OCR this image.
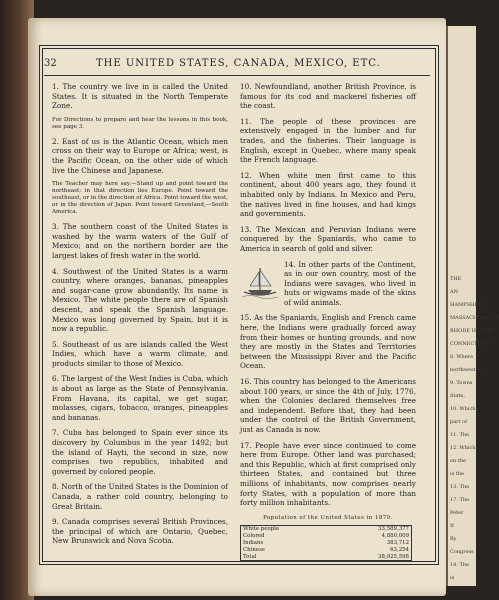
THE
AN
HAMPSHIRE
MASSACHUSETTS
RHODE ISLAND
CONNECTICUT
8. Where
northwest of
9. Towns
State,
10. Which
part of
11. The
12. Which
on the
is the
13. The
17. The
Peter
If
By
Congress
14. The
is
32	THE UNITED STATES, CANADA, MEXICO, ETC.

1. The country we live in is called the United States. It is situated in the North Temperate Zone.

For Directions to prepare and hear the lessons in this book, see page 3.

2. East of us is the Atlantic Ocean, which men cross on their way to Europe or Africa; west, is the Pacific Ocean, on the other side of which live the Chinese and Japanese.

The Teacher may here say.—Stand up and point toward the northeast; in that direction lies Europe. Point toward the southeast, or in the direction of Africa. Point toward the west, or in the direction of Japan. Point toward Greenland,—South America.

3. The southern coast of the United States is washed by the warm waters of the Gulf of Mexico; and on the northern border are the largest lakes of fresh water in the world.

4. Southwest of the United States is a warm country, where oranges, bananas, pineapples and sugar-cane grow abundantly. Its name is Mexico. The white people there are of Spanish descent, and speak the Spanish language. Mexico was long governed by Spain, but it is now a republic.

5. Southeast of us are islands called the West Indies, which have a warm climate, and products similar to those of Mexico.

6. The largest of the West Indies is Cuba, which is about as large as the State of Pennsylvania. From Havana, its capital, we get sugar, molasses, cigars, tobacco, oranges, pineapples and bananas.

7. Cuba has belonged to Spain ever since its discovery by Columbus in the year 1492; but the island of Hayti, the second in size, now comprises two republics, inhabited and governed by colored people.

8. North of the United States is the Dominion of Canada, a rather cold country, belonging to Great Britain.

9. Canada comprises several British Provinces, the principal of which are Ontario, Quebec, New Brunswick and Nova Scotia.

10. Newfoundland, another British Province, is famous for its cod and mackerel fisheries off the coast.

11. The people of these provinces are extensively engaged in the lumber and fur trades, and the fisheries. Their language is English, except in Quebec, where many speak the French language.

12. When white men first came to this continent, about 400 years ago, they found it inhabited only by Indians. In Mexico and Peru, the natives lived in fine houses, and had kings and governments.

13. The Mexican and Peruvian Indians were conquered by the Spaniards, who came to America in search of gold and silver.

14. In other parts of the Continent, as in our own country, most of the Indians were savages, who lived in huts or wigwams made of the skins of wild animals.

15. As the Spaniards, English and French came here, the Indians were gradually forced away from their homes or hunting grounds, and now they are mostly in the States and Territories between the Mississippi River and the Pacific Ocean.

16. This country has belonged to the Americans about 100 years, or since the 4th of July, 1776, when the Colonies declared themselves free and independent. Before that, they had been under the control of the British Government, just as Canada is now.

17. People have ever since continued to come here from Europe. Other land was purchased; and this Republic, which at first comprised only thirteen States, and contained but three millions of inhabitants, now comprises nearly forty States, with a population of more than forty million inhabitants.

Population of the United States in 1870.
White people	33,589,377
Colored	4,880,009
Indians	383,712
Chinese	63,254
Total	38,925,598
